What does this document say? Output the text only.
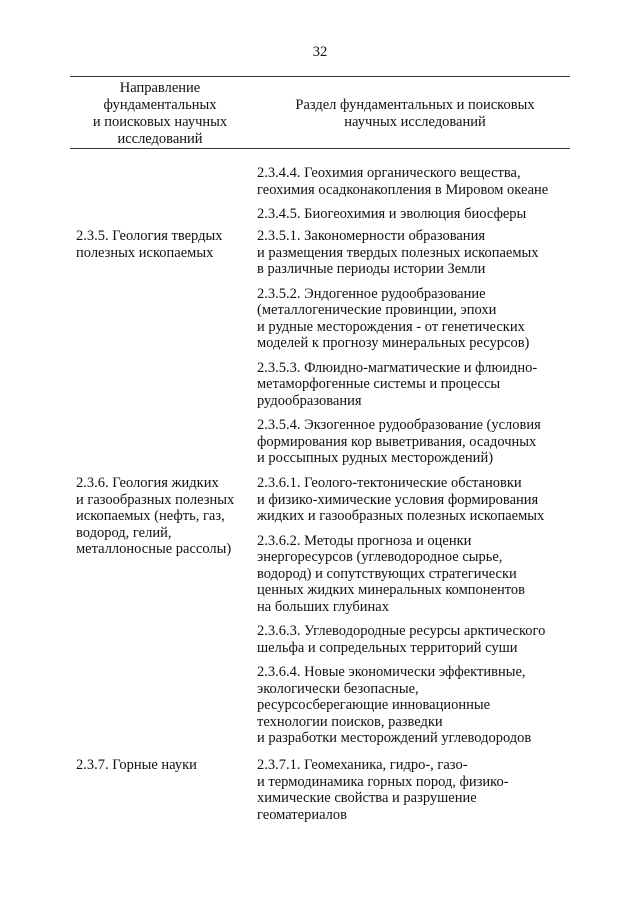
32
Направление
фундаментальных
и поисковых научных
исследований
Раздел фундаментальных и поисковых
научных исследований
2.3.4.4. Геохимия органического вещества,
геохимия осадконакопления в Мировом океане
2.3.4.5. Биогеохимия и эволюция биосферы
2.3.5. Геология твердых
полезных ископаемых
2.3.5.1. Закономерности образования
и размещения твердых полезных ископаемых
в различные периоды истории Земли
2.3.5.2. Эндогенное рудообразование
(металлогенические провинции, эпохи
и рудные месторождения - от генетических
моделей к прогнозу минеральных ресурсов)
2.3.5.3. Флюидно-магматические и флюидно-
метаморфогенные системы и процессы
рудообразования
2.3.5.4. Экзогенное рудообразование (условия
формирования кор выветривания, осадочных
и россыпных рудных месторождений)
2.3.6. Геология жидких
и газообразных полезных
ископаемых (нефть, газ,
водород, гелий,
металлоносные рассолы)
2.3.6.1. Геолого-тектонические обстановки
и физико-химические условия формирования
жидких и газообразных полезных ископаемых
2.3.6.2. Методы прогноза и оценки
энергоресурсов (углеводородное сырье,
водород) и сопутствующих стратегически
ценных жидких минеральных компонентов
на больших глубинах
2.3.6.3. Углеводородные ресурсы арктического
шельфа и сопредельных территорий суши
2.3.6.4. Новые экономически эффективные,
экологически безопасные,
ресурсосберегающие инновационные
технологии поисков, разведки
и разработки месторождений углеводородов
2.3.7. Горные науки	2.3.7.1. Геомеханика, гидро-, газо-
и термодинамика горных пород, физико-
химические свойства и разрушение
геоматериалов
